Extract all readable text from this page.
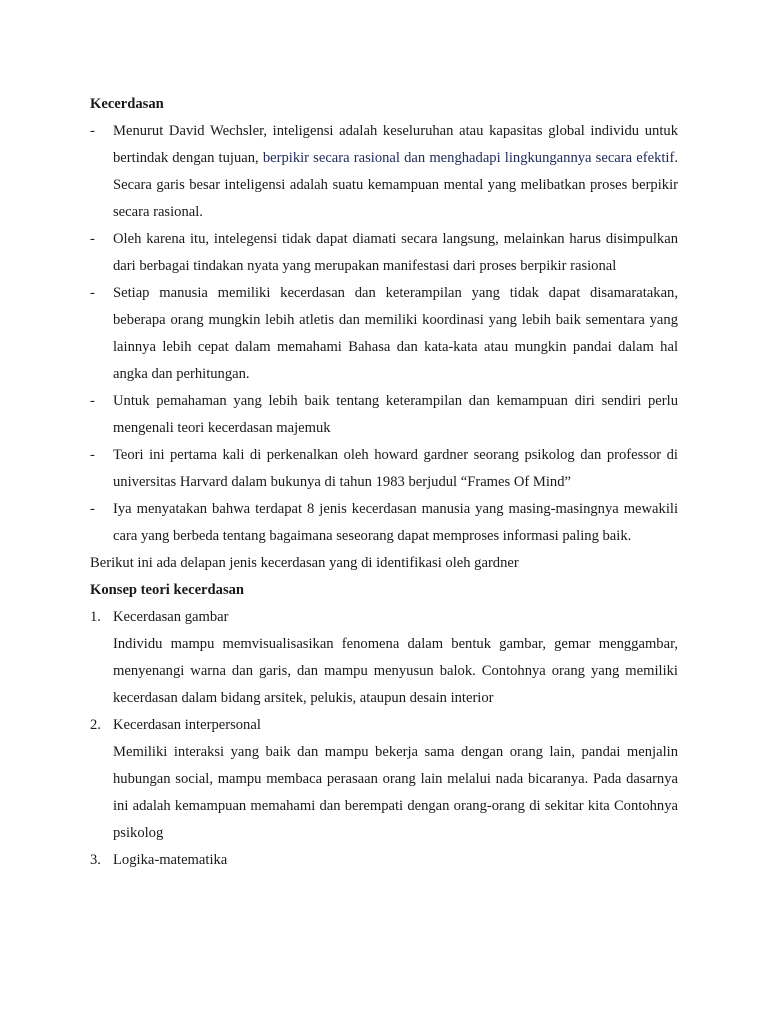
Kecerdasan

- Menurut David Wechsler, inteligensi adalah keseluruhan atau kapasitas global individu untuk bertindak dengan tujuan, berpikir secara rasional dan menghadapi lingkungannya secara efektif. Secara garis besar inteligensi adalah suatu kemampuan mental yang melibatkan proses berpikir secara rasional.
- Oleh karena itu, intelegensi tidak dapat diamati secara langsung, melainkan harus disimpulkan dari berbagai tindakan nyata yang merupakan manifestasi dari proses berpikir rasional
- Setiap manusia memiliki kecerdasan dan keterampilan yang tidak dapat disamaratakan, beberapa orang mungkin lebih atletis dan memiliki koordinasi yang lebih baik sementara yang lainnya lebih cepat dalam memahami Bahasa dan kata-kata atau mungkin pandai dalam hal angka dan perhitungan.
- Untuk pemahaman yang lebih baik tentang keterampilan dan kemampuan diri sendiri perlu mengenali teori kecerdasan majemuk
- Teori ini pertama kali di perkenalkan oleh howard gardner seorang psikolog dan professor di universitas Harvard dalam bukunya di tahun 1983 berjudul “Frames Of Mind”
- Iya menyatakan bahwa terdapat 8 jenis kecerdasan manusia yang masing-masingnya mewakili cara yang berbeda tentang bagaimana seseorang dapat memproses informasi paling baik.

Berikut ini ada delapan jenis kecerdasan yang di identifikasi oleh gardner

Konsep teori kecerdasan

1. Kecerdasan gambar

Individu mampu memvisualisasikan fenomena dalam bentuk gambar, gemar menggambar, menyenangi warna dan garis, dan mampu menyusun balok. Contohnya orang yang memiliki kecerdasan dalam bidang arsitek, pelukis, ataupun desain interior

2. Kecerdasan interpersonal

Memiliki interaksi yang baik dan mampu bekerja sama dengan orang lain, pandai menjalin hubungan social, mampu membaca perasaan orang lain melalui nada bicaranya. Pada dasarnya ini adalah kemampuan memahami dan berempati dengan orang-orang di sekitar kita Contohnya psikolog

3. Logika-matematika
